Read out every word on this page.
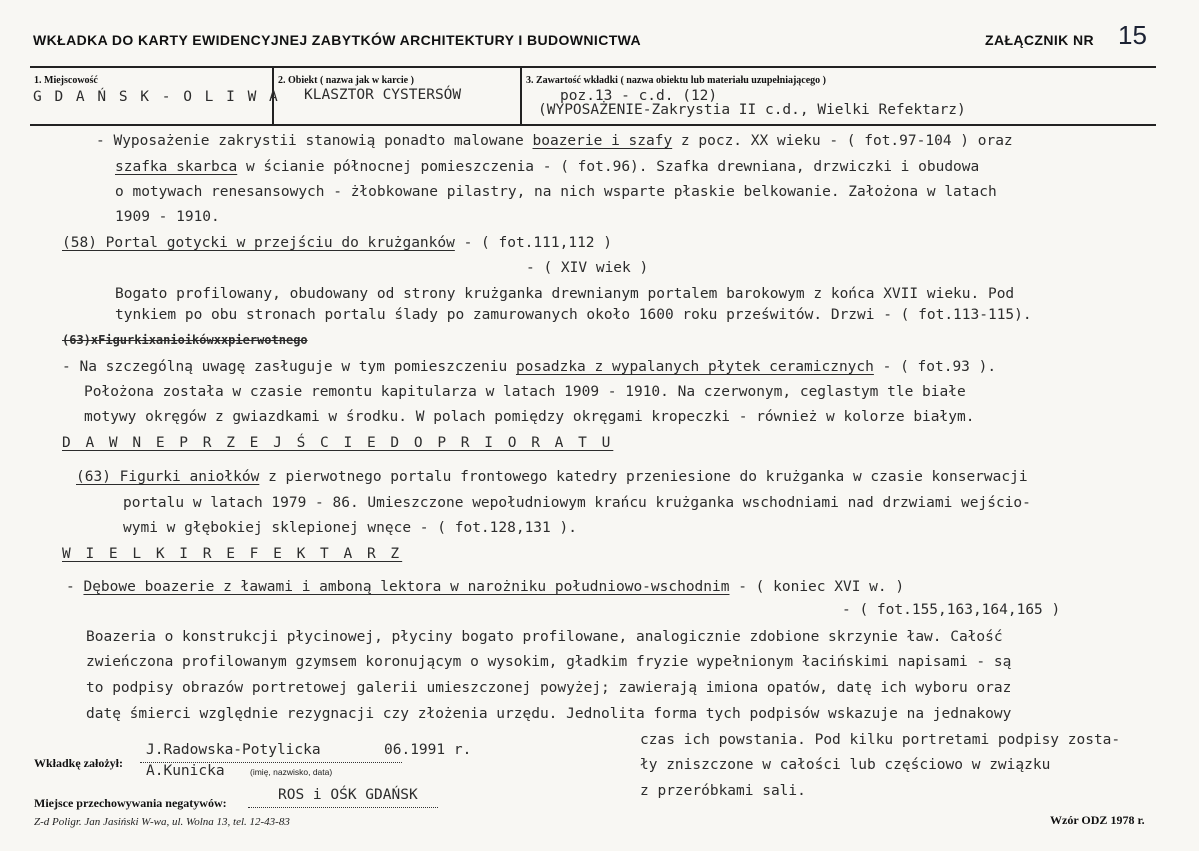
WKŁADKA DO KARTY EWIDENCYJNEJ ZABYTKÓW ARCHITEKTURY I BUDOWNICTWA	ZAŁĄCZNIK NR 15
1. Miejscowość
G D A Ń S K - O L I W A
2. Obiekt ( nazwa jak w karcie )
KLASZTOR CYSTERSÓW
3. Zawartość wkładki ( nazwa obiektu lub materiału uzupełniającego )
poz.13 - c.d. (12)
(WYPOSAŻENIE-Zakrystia II c.d., Wielki Refektarz)
- Wyposażenie zakrystii stanowią ponadto malowane boazerie i szafy z pocz. XX wieku - ( fot.97-104 ) oraz
szafka skarbca w ścianie północnej pomieszczenia - ( fot.96). Szafka drewniana, drzwiczki i obudowa
o motywach renesansowych - żłobkowane pilastry, na nich wsparte płaskie belkowanie. Założona w latach
1909 - 1910.
(58) Portal gotycki w przejściu do krużganków - ( fot.111,112 )
- ( XIV wiek )
Bogato profilowany, obudowany od strony krużganka drewnianym portalem barokowym z końca XVII wieku. Pod
tynkiem po obu stronach portalu ślady po zamurowanych około 1600 roku prześwitów. Drzwi - ( fot.113-115).
(63)xFigurkixanioikówxxpierwotnego
- Na szczególną uwagę zasługuje w tym pomieszczeniu posadzka z wypalanych płytek ceramicznych - ( fot.93 ).
Położona została w czasie remontu kapitularza w latach 1909 - 1910. Na czerwonym, ceglastym tle białe
motywy okręgów z gwiazdkami w środku. W polach pomiędzy okręgami kropeczki - również w kolorze białym.
D A W N E P R Z E J Ś C I E D O P R I O R A T U
(63) Figurki aniołków z pierwotnego portalu frontowego katedry przeniesione do krużganka w czasie konserwacji
portalu w latach 1979 - 86. Umieszczone wepołudniowym krańcu krużganka wschodniami nad drzwiami wejścio-
wymi w głębokiej sklepionej wnęce - ( fot.128,131 ).
W I E L K I R E F E K T A R Z
- Dębowe boazerie z ławami i amboną lektora w narożniku południowo-wschodnim - ( koniec XVI w. )
- ( fot.155,163,164,165 )
Boazeria o konstrukcji płycinowej, płyciny bogato profilowane, analogicznie zdobione skrzynie ław. Całość
zwieńczona profilowanym gzymsem koronującym o wysokim, gładkim fryzie wypełnionym łacińskimi napisami - są
to podpisy obrazów portretowej galerii umieszczonej powyżej; zawierają imiona opatów, datę ich wyboru oraz
datę śmierci względnie rezygnacji czy złożenia urzędu. Jednolita forma tych podpisów wskazuje na jednakowy
czas ich powstania. Pod kilku portretami podpisy zosta-
ły zniszczone w całości lub częściowo w związku
z przeróbkami sali.
Wkładkę założył:
J.Radowska-Potylicka	06.1991 r.
A.Kunicka	(imię, nazwisko, data)
Miejsce przechowywania negatywów:	ROS i OŚK GDAŃSK
Z-d Poligr. Jan Jasiński W-wa, ul. Wolna 13, tel. 12-43-83	Wzór ODZ 1978 r.
